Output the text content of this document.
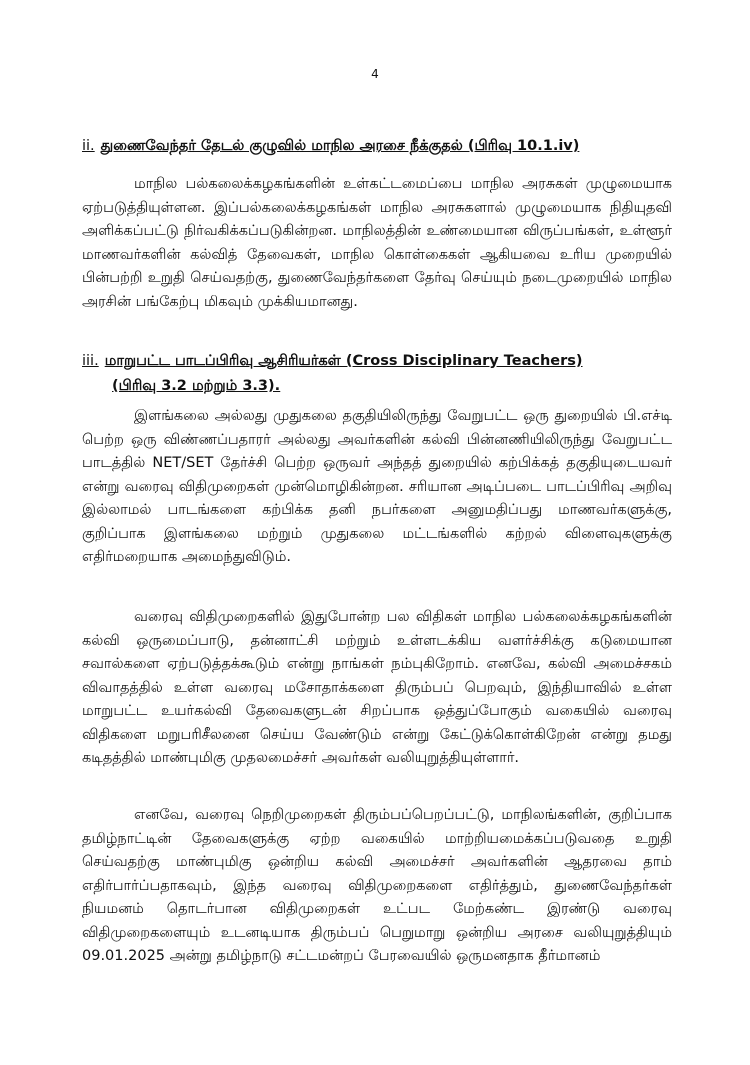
4
ii. துணைவேந்தர் தேடல் குழுவில் மாநில அரசை நீக்குதல் (பிரிவு 10.1.iv)

மாநில பல்கலைக்கழகங்களின் உள்கட்டமைப்பை மாநில அரசுகள் முழுமையாக ஏற்படுத்தியுள்ளன. இப்பல்கலைக்கழகங்கள் மாநில அரசுகளால் முழுமையாக நிதியுதவி அளிக்கப்பட்டு நிர்வகிக்கப்படுகின்றன. மாநிலத்தின் உண்மையான விருப்பங்கள், உள்ளூர் மாணவர்களின் கல்வித் தேவைகள், மாநில கொள்கைகள் ஆகியவை உரிய முறையில் பின்பற்றி உறுதி செய்வதற்கு, துணைவேந்தர்களை தேர்வு செய்யும் நடைமுறையில் மாநில அரசின் பங்கேற்பு மிகவும் முக்கியமானது.

iii. மாறுபட்ட பாடப்பிரிவு ஆசிரியர்கள் (Cross Disciplinary Teachers)
(பிரிவு 3.2 மற்றும் 3.3).

இளங்கலை அல்லது முதுகலை தகுதியிலிருந்து வேறுபட்ட ஒரு துறையில் பி.எச்டி பெற்ற ஒரு விண்ணப்பதாரர் அல்லது அவர்களின் கல்வி பின்னணியிலிருந்து வேறுபட்ட பாடத்தில் NET/SET தேர்ச்சி பெற்ற ஒருவர் அந்தத் துறையில் கற்பிக்கத் தகுதியுடையவர் என்று வரைவு விதிமுறைகள் முன்மொழிகின்றன. சரியான அடிப்படை பாடப்பிரிவு அறிவு இல்லாமல் பாடங்களை கற்பிக்க தனி நபர்களை அனுமதிப்பது மாணவர்களுக்கு, குறிப்பாக இளங்கலை மற்றும் முதுகலை மட்டங்களில் கற்றல் விளைவுகளுக்கு எதிர்மறையாக அமைந்துவிடும்.

வரைவு விதிமுறைகளில் இதுபோன்ற பல விதிகள் மாநில பல்கலைக்கழகங்களின் கல்வி ஒருமைப்பாடு, தன்னாட்சி மற்றும் உள்ளடக்கிய வளர்ச்சிக்கு கடுமையான சவால்களை ஏற்படுத்தக்கூடும் என்று நாங்கள் நம்புகிறோம். எனவே, கல்வி அமைச்சகம் விவாதத்தில் உள்ள வரைவு மசோதாக்களை திரும்பப் பெறவும், இந்தியாவில் உள்ள மாறுபட்ட உயர்கல்வி தேவைகளுடன் சிறப்பாக ஒத்துப்போகும் வகையில் வரைவு விதிகளை மறுபரிசீலனை செய்ய வேண்டும் என்று கேட்டுக்கொள்கிறேன் என்று தமது கடிதத்தில் மாண்புமிகு முதலமைச்சர் அவர்கள் வலியுறுத்தியுள்ளார்.

எனவே, வரைவு நெறிமுறைகள் திரும்பப்பெறப்பட்டு, மாநிலங்களின், குறிப்பாக தமிழ்நாட்டின் தேவைகளுக்கு ஏற்ற வகையில் மாற்றியமைக்கப்படுவதை உறுதி செய்வதற்கு மாண்புமிகு ஒன்றிய கல்வி அமைச்சர் அவர்களின் ஆதரவை தாம் எதிர்பார்ப்பதாகவும், இந்த வரைவு விதிமுறைகளை எதிர்த்தும், துணைவேந்தர்கள் நியமனம் தொடர்பான விதிமுறைகள் உட்பட மேற்கண்ட இரண்டு வரைவு விதிமுறைகளையும் உடனடியாக திரும்பப் பெறுமாறு ஒன்றிய அரசை வலியுறுத்தியும் 09.01.2025 அன்று தமிழ்நாடு சட்டமன்றப் பேரவையில் ஒருமனதாக தீர்மானம்
